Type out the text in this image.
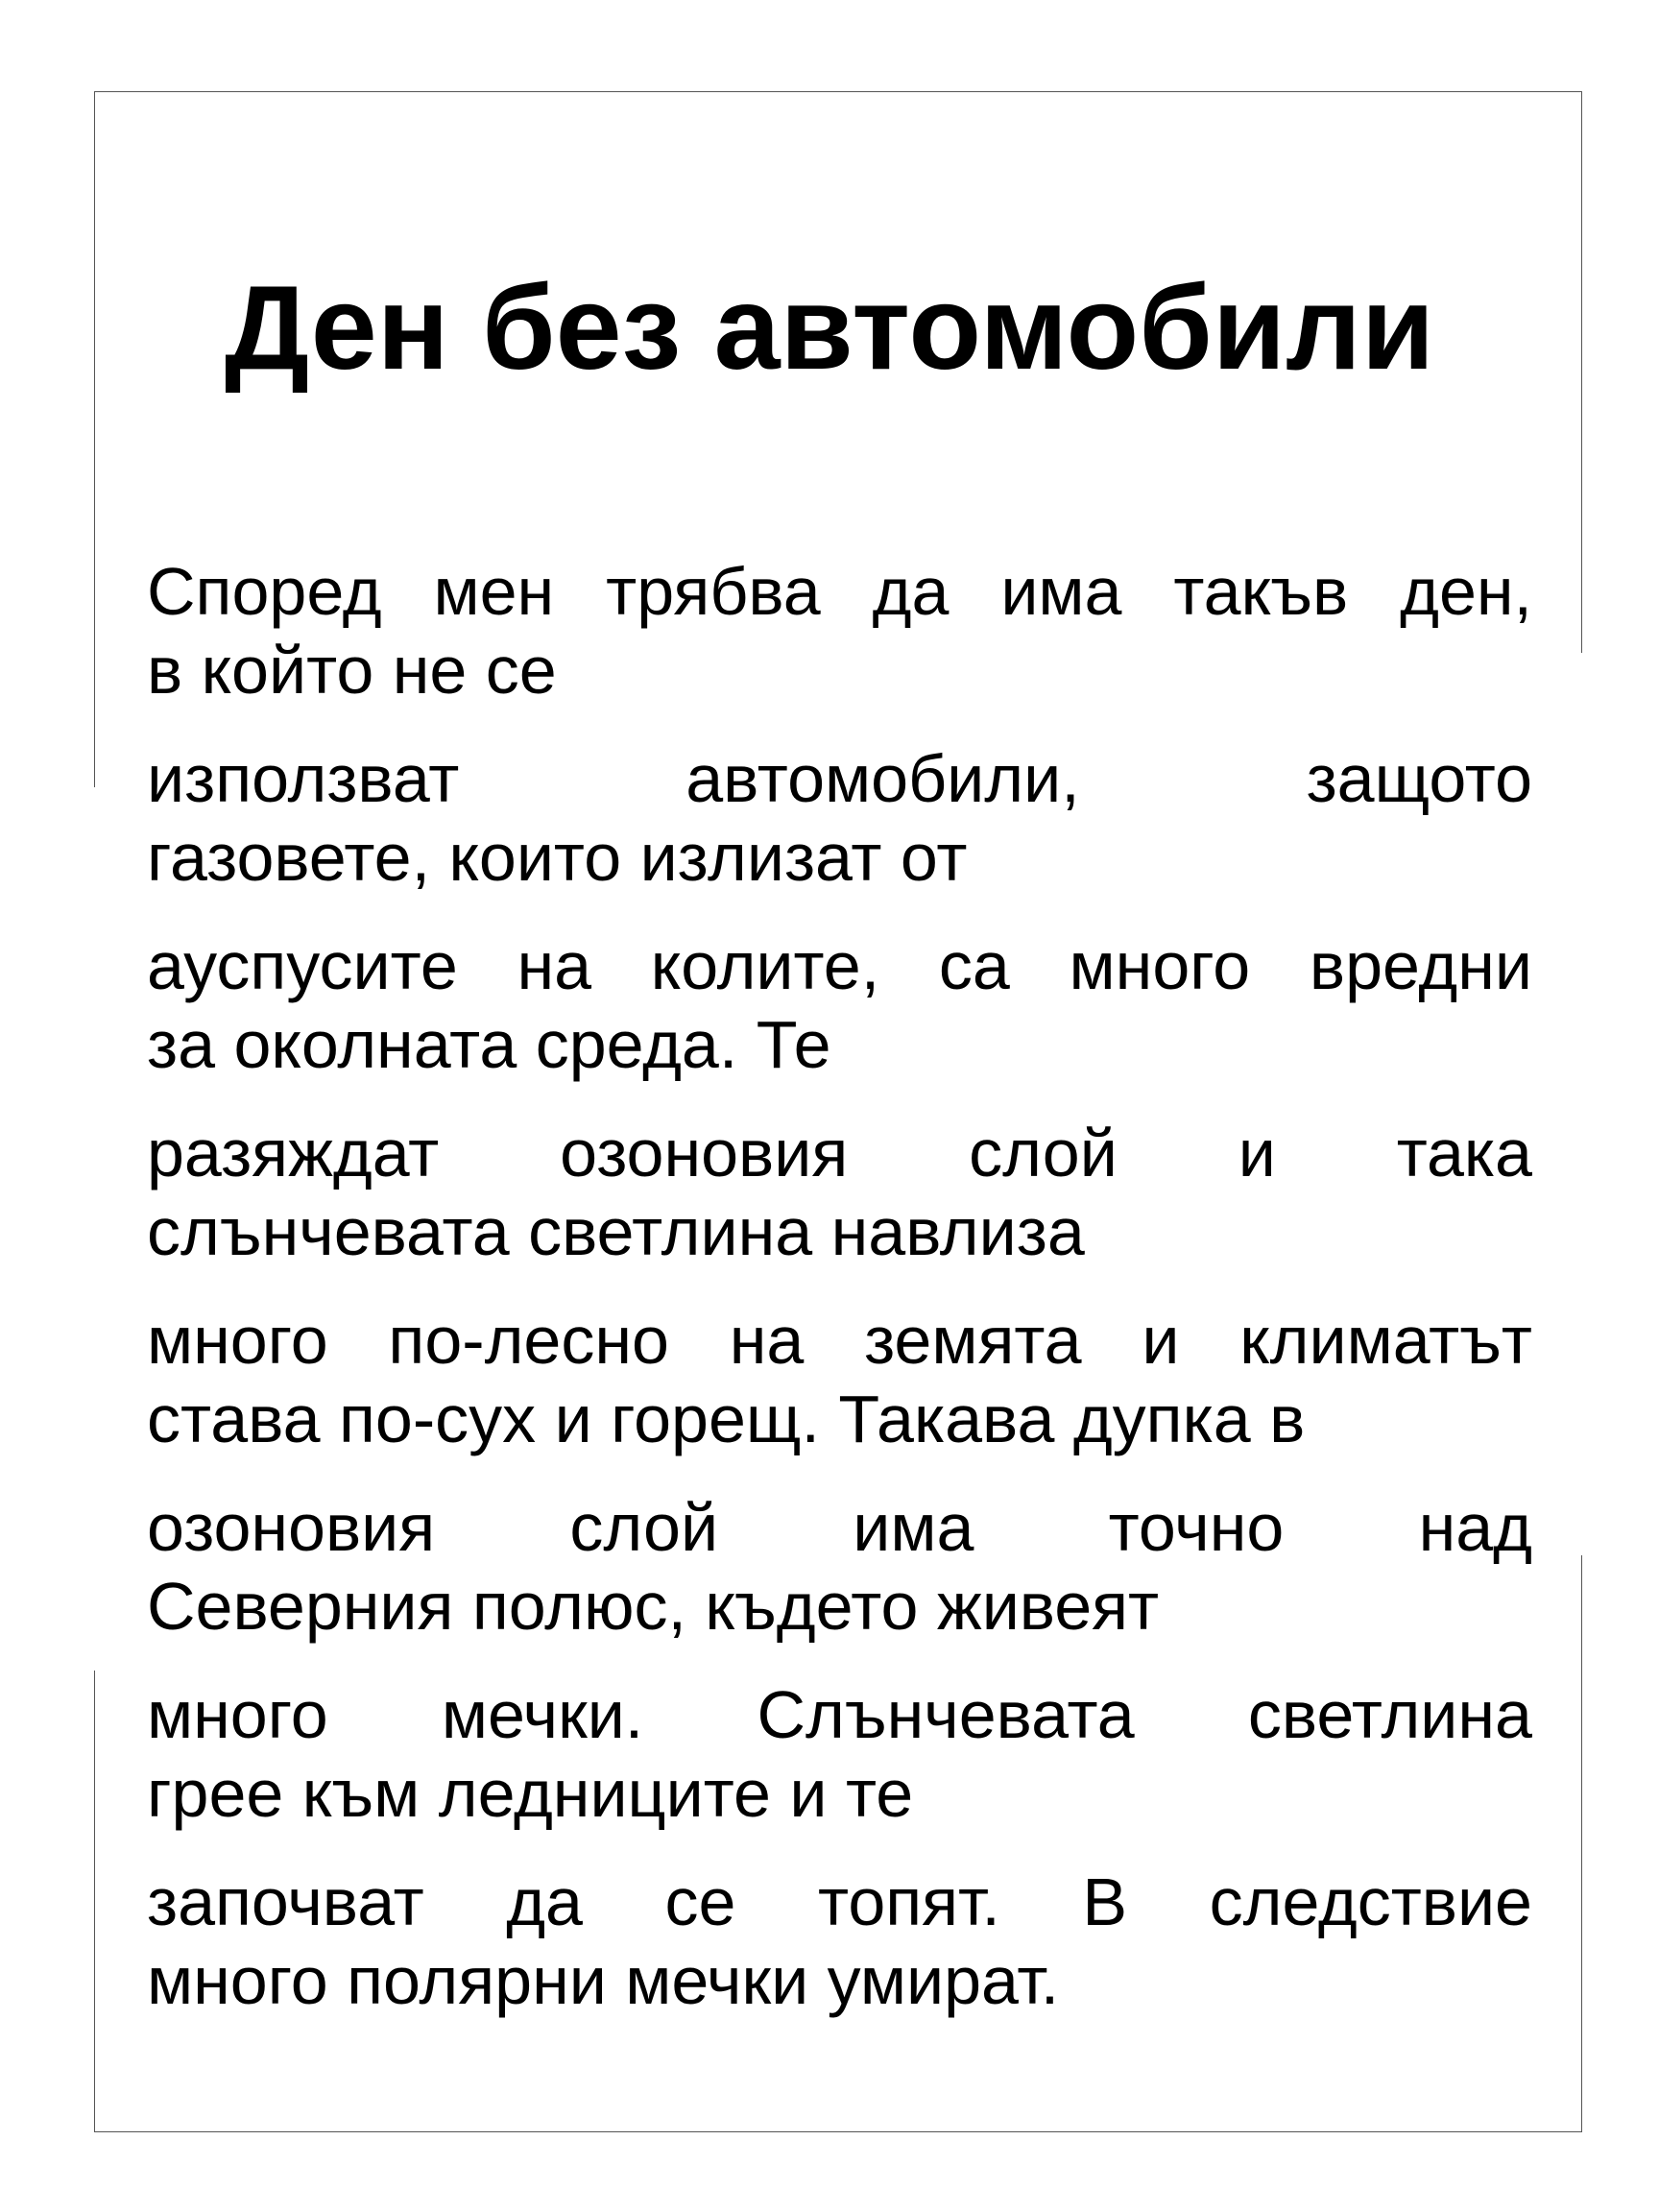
Ден без автомобили

Според мен трябва да има такъв ден,
в който не се

използват автомобили, защото
газовете, които излизат от

ауспусите на колите, са много вредни
за околната среда. Те

разяждат озоновия слой и така
слънчевата светлина навлиза

много по-лесно на земята и климатът
става по-сух и горещ. Такава дупка в

озоновия слой има точно над
Северния полюс, където живеят

много мечки. Слънчевата светлина
грее към ледниците и те

започват да се топят. В следствие
много полярни мечки умират.
